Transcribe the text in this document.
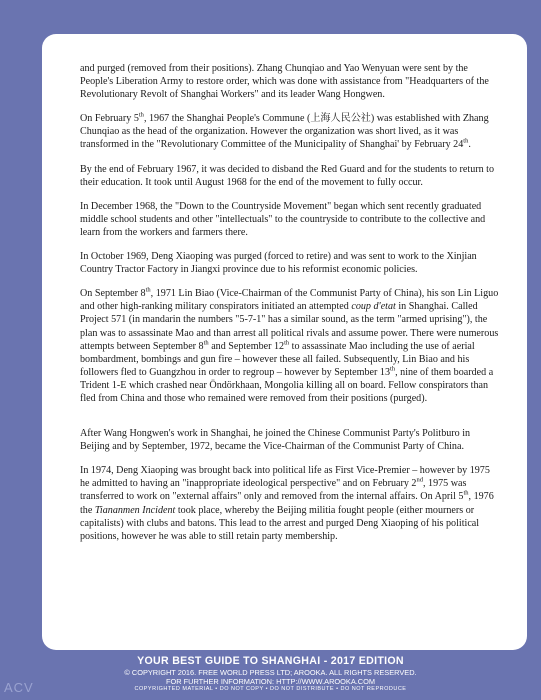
and purged (removed from their positions). Zhang Chunqiao and Yao Wenyuan were sent by the People's Liberation Army to restore order, which was done with assistance from "Headquarters of the Revolutionary Revolt of Shanghai Workers" and its leader Wang Hongwen.

On February 5th, 1967 the Shanghai People's Commune (上海人民公社) was established with Zhang Chunqiao as the head of the organization. However the organization was short lived, as it was transformed in the "Revolutionary Committee of the Municipality of Shanghai' by February 24th.

By the end of February 1967, it was decided to disband the Red Guard and for the students to return to their education. It took until August 1968 for the end of the movement to fully occur.

In December 1968, the "Down to the Countryside Movement" began which sent recently graduated middle school students and other "intellectuals" to the countryside to contribute to the collective and learn from the workers and farmers there.

In October 1969, Deng Xiaoping was purged (forced to retire) and was sent to work to the Xinjian Country Tractor Factory in Jiangxi province due to his reformist economic policies.

On September 8th, 1971 Lin Biao (Vice-Chairman of the Communist Party of China), his son Lin Liguo and other high-ranking military conspirators initiated an attempted coup d'etat in Shanghai. Called Project 571 (in mandarin the numbers "5-7-1" has a similar sound, as the term "armed uprising"), the plan was to assassinate Mao and than arrest all political rivals and assume power. There were numerous attempts between September 8th and September 12th to assassinate Mao including the use of aerial bombardment, bombings and gun fire – however these all failed. Subsequently, Lin Biao and his followers fled to Guangzhou in order to regroup – however by September 13th, nine of them boarded a Trident 1-E which crashed near Öndörkhaan, Mongolia killing all on board. Fellow conspirators than fled from China and those who remained were removed from their positions (purged).

After Wang Hongwen's work in Shanghai, he joined the Chinese Communist Party's Politburo in Beijing and by September, 1972, became the Vice-Chairman of the Communist Party of China.

In 1974, Deng Xiaoping was brought back into political life as First Vice-Premier – however by 1975 he admitted to having an "inappropriate ideological perspective" and on February 2nd, 1975 was transferred to work on "external affairs" only and removed from the internal affairs. On April 5th, 1976 the Tiananmen Incident took place, whereby the Beijing militia fought people (either mourners or capitalists) with clubs and batons. This lead to the arrest and purged Deng Xiaoping of his political positions, however he was able to still retain party membership.

YOUR BEST GUIDE TO SHANGHAI - 2017 EDITION
© COPYRIGHT 2016. FREE WORLD PRESS LTD; AROOKA. ALL RIGHTS RESERVED.
FOR FURTHER INFORMATION: HTTP://WWW.AROOKA.COM
COPYRIGHTED MATERIAL • DO NOT COPY • DO NOT DISTRIBUTE • DO NOT REPRODUCE
ACV
